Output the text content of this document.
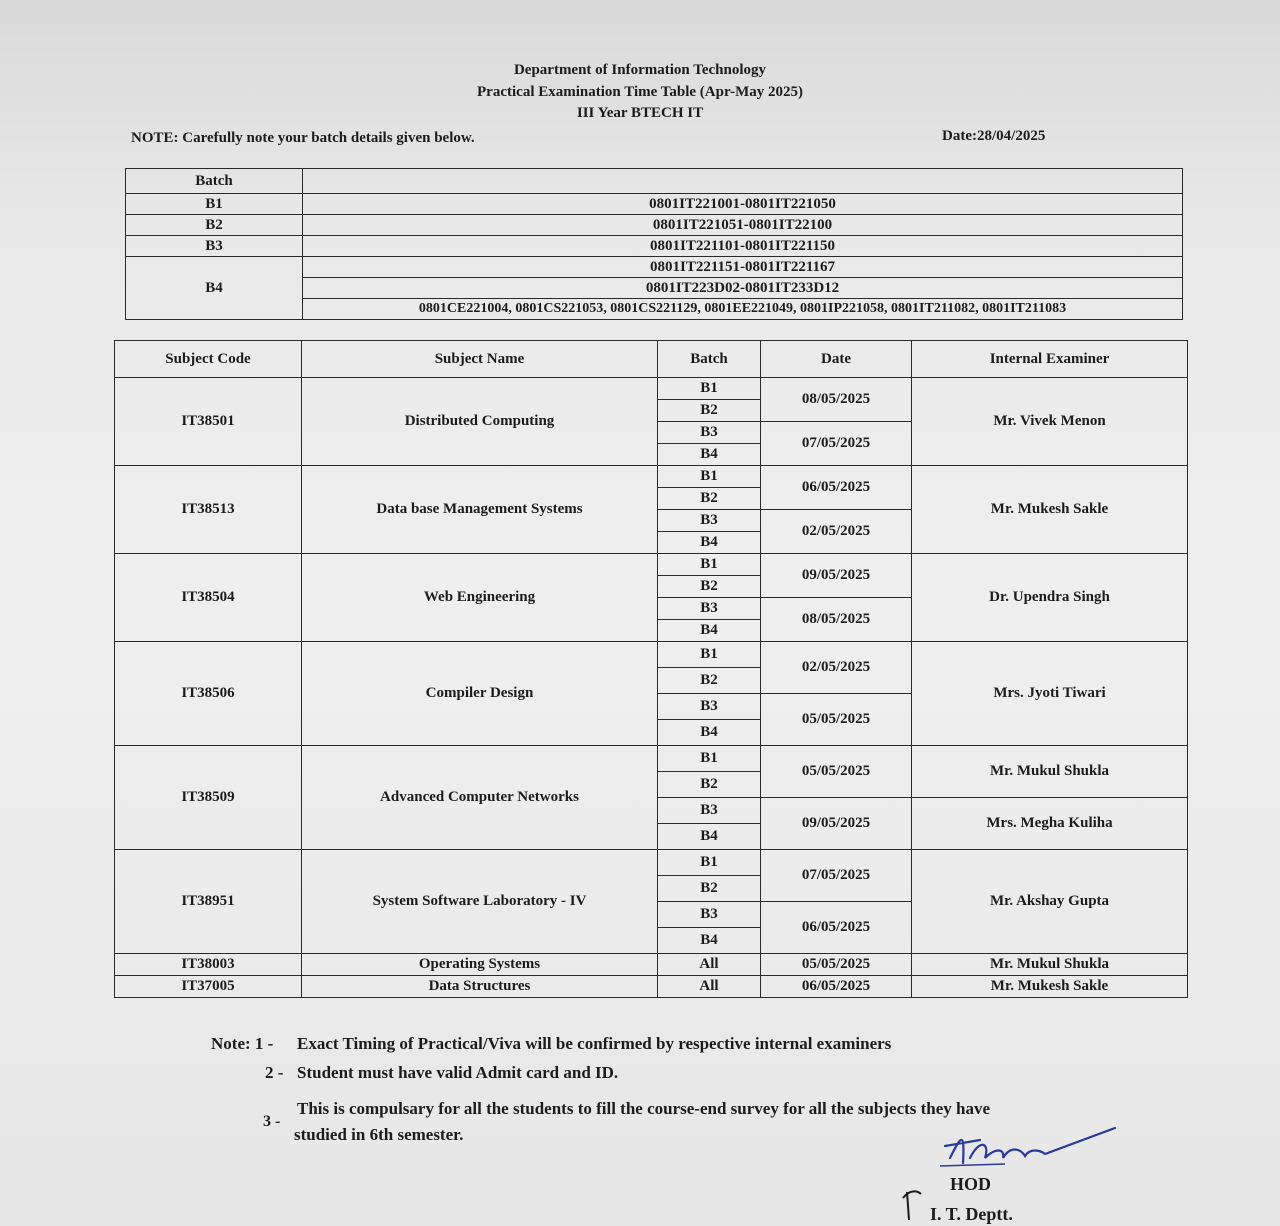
Department of Information Technology
Practical Examination Time Table (Apr-May 2025)
III Year BTECH IT
NOTE: Carefully note your batch details given below.	Date:28/04/2025
Batch	
B1	0801IT221001-0801IT221050
B2	0801IT221051-0801IT22100
B3	0801IT221101-0801IT221150
B4	0801IT221151-0801IT221167
	0801IT223D02-0801IT233D12
	0801CE221004, 0801CS221053, 0801CS221129, 0801EE221049, 0801IP221058, 0801IT211082, 0801IT211083
Subject Code	Subject Name	Batch	Date	Internal Examiner
IT38501	Distributed Computing	B1	08/05/2025	Mr. Vivek Menon
		B2		
		B3	07/05/2025	
		B4		
IT38513	Data base Management Systems	B1	06/05/2025	Mr. Mukesh Sakle
		B2		
		B3	02/05/2025	
		B4		
IT38504	Web Engineering	B1	09/05/2025	Dr. Upendra Singh
		B2		
		B3	08/05/2025	
		B4		
IT38506	Compiler Design	B1	02/05/2025	Mrs. Jyoti Tiwari
		B2		
		B3	05/05/2025	
		B4		
IT38509	Advanced Computer Networks	B1	05/05/2025	Mr. Mukul Shukla
		B2		
		B3	09/05/2025	Mrs. Megha Kuliha
		B4		
IT38951	System Software Laboratory - IV	B1	07/05/2025	Mr. Akshay Gupta
		B2		
		B3	06/05/2025	
		B4		
IT38003	Operating Systems	All	05/05/2025	Mr. Mukul Shukla
IT37005	Data Structures	All	06/05/2025	Mr. Mukesh Sakle
Note: 1 - Exact Timing of Practical/Viva will be confirmed by respective internal examiners
2 - Student must have valid Admit card and ID.
3 -
This is compulsary for all the students to fill the course-end survey for all the subjects they have
studied in 6th semester.
HOD
I. T. Deptt.
